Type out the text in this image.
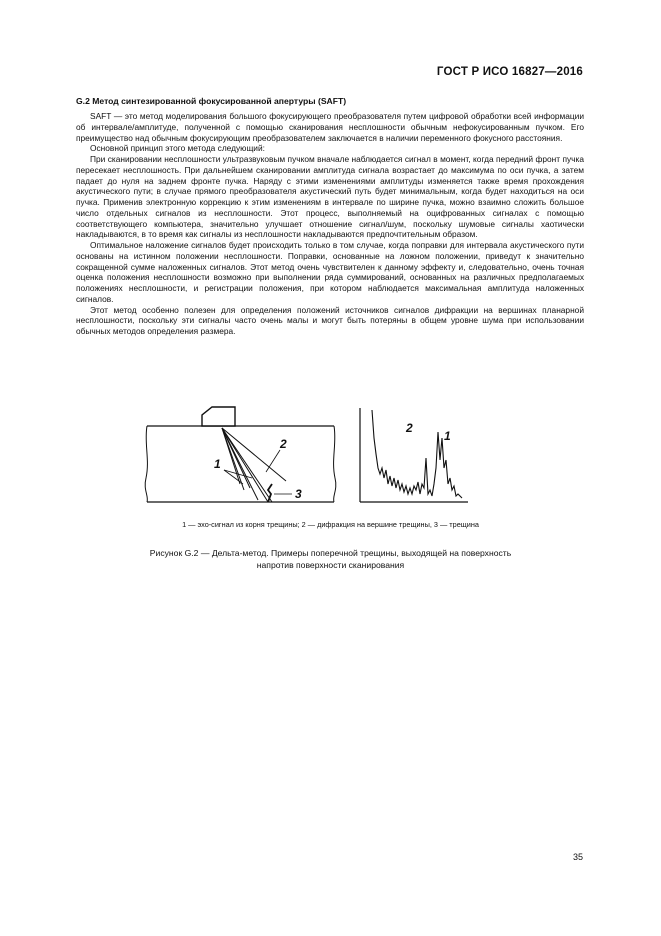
ГОСТ Р ИСО 16827—2016
G.2 Метод синтезированной фокусированной апертуры (SAFT)

SAFT — это метод моделирования большого фокусирующего преобразователя путем цифровой обработки всей информации об интервале/амплитуде, полученной с помощью сканирования несплошности обычным нефокусированным пучком. Его преимущество над обычным фокусирующим преобразователем заключается в наличии переменного фокусного расстояния.

Основной принцип этого метода следующий:

При сканировании несплошности ультразвуковым пучком вначале наблюдается сигнал в момент, когда передний фронт пучка пересекает несплошность. При дальнейшем сканировании амплитуда сигнала возрастает до максимума по оси пучка, а затем падает до нуля на заднем фронте пучка. Наряду с этими изменениями амплитуды изменяется также время прохождения акустического пути; в случае прямого преобразователя акустический путь будет минимальным, когда будет находиться на оси пучка. Применив электронную коррекцию к этим изменениям в интервале по ширине пучка, можно взаимно сложить большое число отдельных сигналов из несплошности. Этот процесс, выполняемый на оцифрованных сигналах с помощью соответствующего компьютера, значительно улучшает отношение сигнал/шум, поскольку шумовые сигналы хаотически накладываются, в то время как сигналы из несплошности накладываются предпочтительным образом.

Оптимальное наложение сигналов будет происходить только в том случае, когда поправки для интервала акустического пути основаны на истинном положении несплошности. Поправки, основанные на ложном положении, приведут к значительно сокращенной сумме наложенных сигналов. Этот метод очень чувствителен к данному эффекту и, следовательно, очень точная оценка положения несплошности возможно при выполнении ряда суммирований, основанных на различных предполагаемых положениях несплошности, и регистрации положения, при котором наблюдается максимальная амплитуда наложенных сигналов.

Этот метод особенно полезен для определения положений источников сигналов дифракции на вершинах планарной несплошности, поскольку эти сигналы часто очень малы и могут быть потеряны в общем уровне шума при использовании обычных методов определения размера.

1
2
3
1
2
1 — эхо-сигнал из корня трещины; 2 — дифракция на вершине трещины, 3 — трещина
Рисунок G.2 — Дельта-метод. Примеры поперечной трещины, выходящей на поверхность
напротив поверхности сканирования
35
